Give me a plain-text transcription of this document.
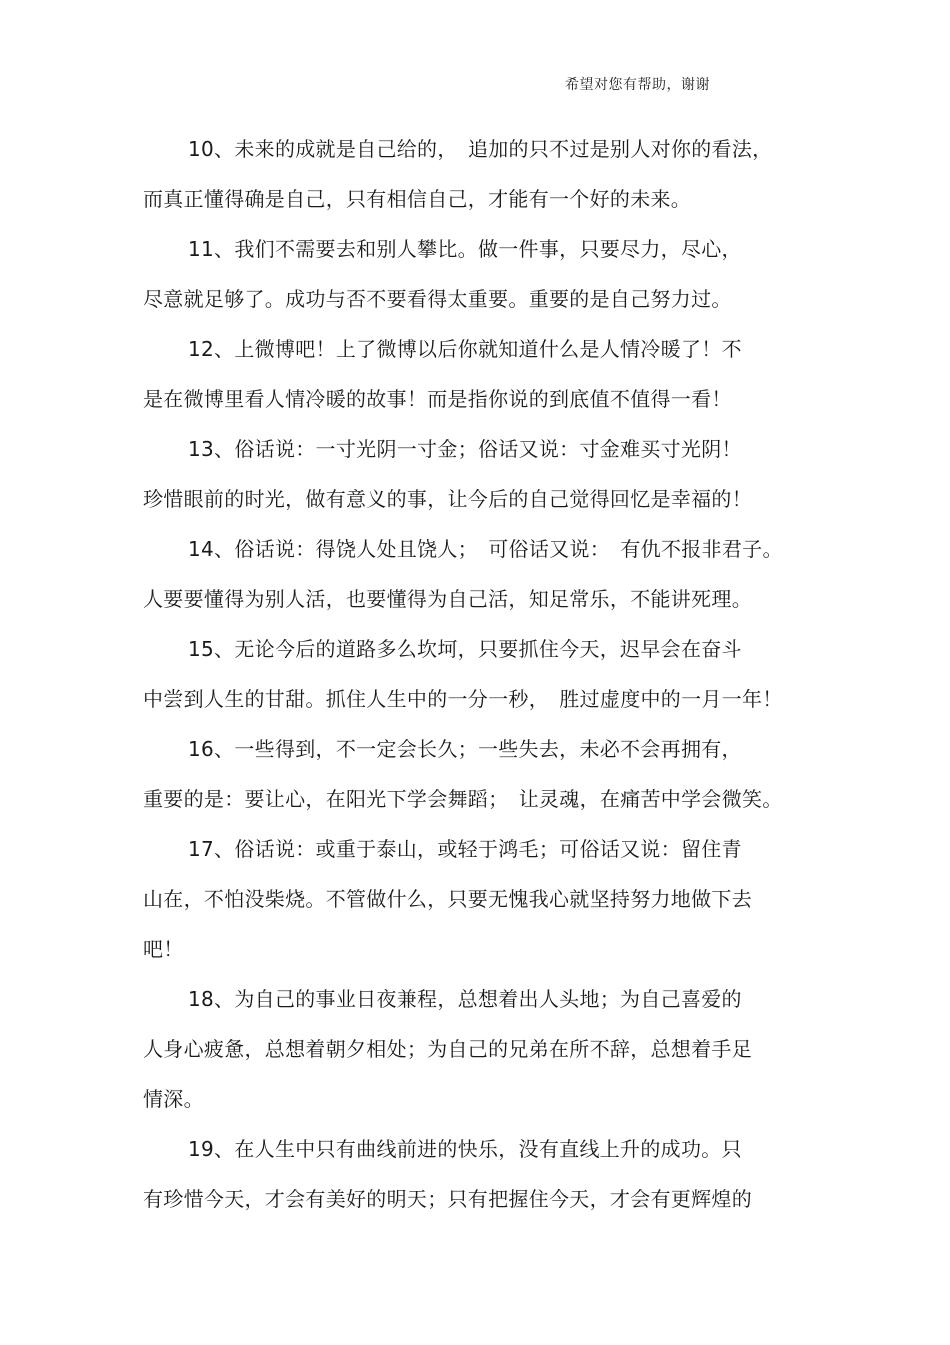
希望对您有帮助，谢谢
10、未来的成就是自己给的，　追加的只不过是别人对你的看法，
而真正懂得确是自己，只有相信自己，才能有一个好的未来。
11、我们不需要去和别人攀比。做一件事，只要尽力，尽心，
尽意就足够了。成功与否不要看得太重要。重要的是自己努力过。
12、上微博吧！上了微博以后你就知道什么是人情冷暖了！不
是在微博里看人情冷暖的故事！而是指你说的到底值不值得一看！
13、俗话说：一寸光阴一寸金；俗话又说：寸金难买寸光阴！
珍惜眼前的时光，做有意义的事，让今后的自己觉得回忆是幸福的！
14、俗话说：得饶人处且饶人；　可俗话又说：　有仇不报非君子。
人要要懂得为别人活，也要懂得为自己活，知足常乐，不能讲死理。
15、无论今后的道路多么坎坷，只要抓住今天，迟早会在奋斗
中尝到人生的甘甜。抓住人生中的一分一秒，　胜过虚度中的一月一年！
16、一些得到，不一定会长久；一些失去，未必不会再拥有，
重要的是：要让心，在阳光下学会舞蹈；　让灵魂，在痛苦中学会微笑。
17、俗话说：或重于泰山，或轻于鸿毛；可俗话又说：留住青
山在，不怕没柴烧。不管做什么，只要无愧我心就坚持努力地做下去
吧！
18、为自己的事业日夜兼程，总想着出人头地；为自己喜爱的
人身心疲惫，总想着朝夕相处；为自己的兄弟在所不辞，总想着手足
情深。
19、在人生中只有曲线前进的快乐，没有直线上升的成功。只
有珍惜今天，才会有美好的明天；只有把握住今天，才会有更辉煌的
